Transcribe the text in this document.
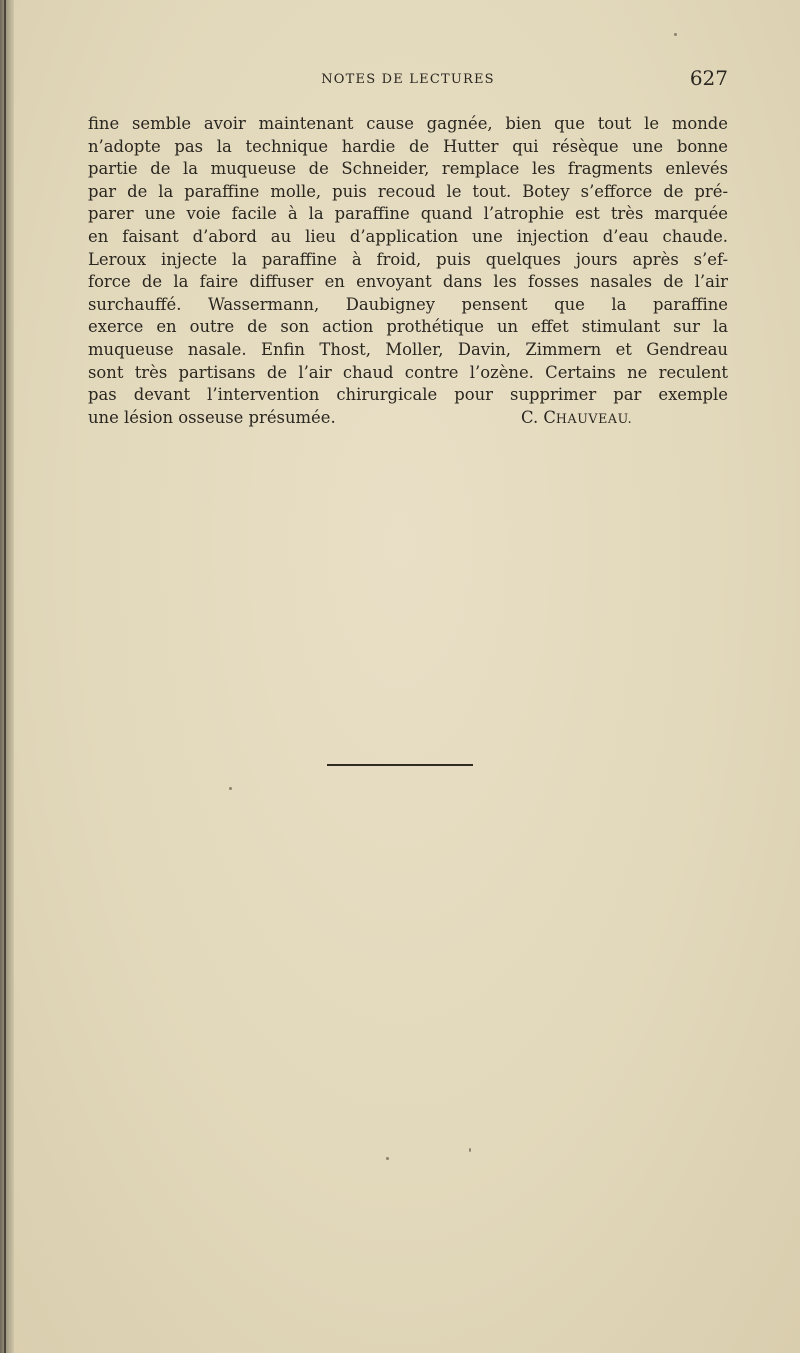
NOTES DE LECTURES	627
fine semble avoir maintenant cause gagnée, bien que tout le monde
n’adopte pas la technique hardie de Hutter qui résèque une bonne
partie de la muqueuse de Schneider, remplace les fragments enlevés
par de la paraffine molle, puis recoud le tout. Botey s’efforce de pré-
parer une voie facile à la paraffine quand l’atrophie est très marquée
en faisant d’abord au lieu d’application une injection d’eau chaude.
Leroux injecte la paraffine à froid, puis quelques jours après s’ef-
force de la faire diffuser en envoyant dans les fosses nasales de l’air
surchauffé. Wassermann, Daubigney pensent que la paraffine
exerce en outre de son action prothétique un effet stimulant sur la
muqueuse nasale. Enfin Thost, Moller, Davin, Zimmern et Gendreau
sont très partisans de l’air chaud contre l’ozène. Certains ne reculent
pas devant l’intervention chirurgicale pour supprimer par exemple
une lésion osseuse présumée.	C. CHAUVEAU.
